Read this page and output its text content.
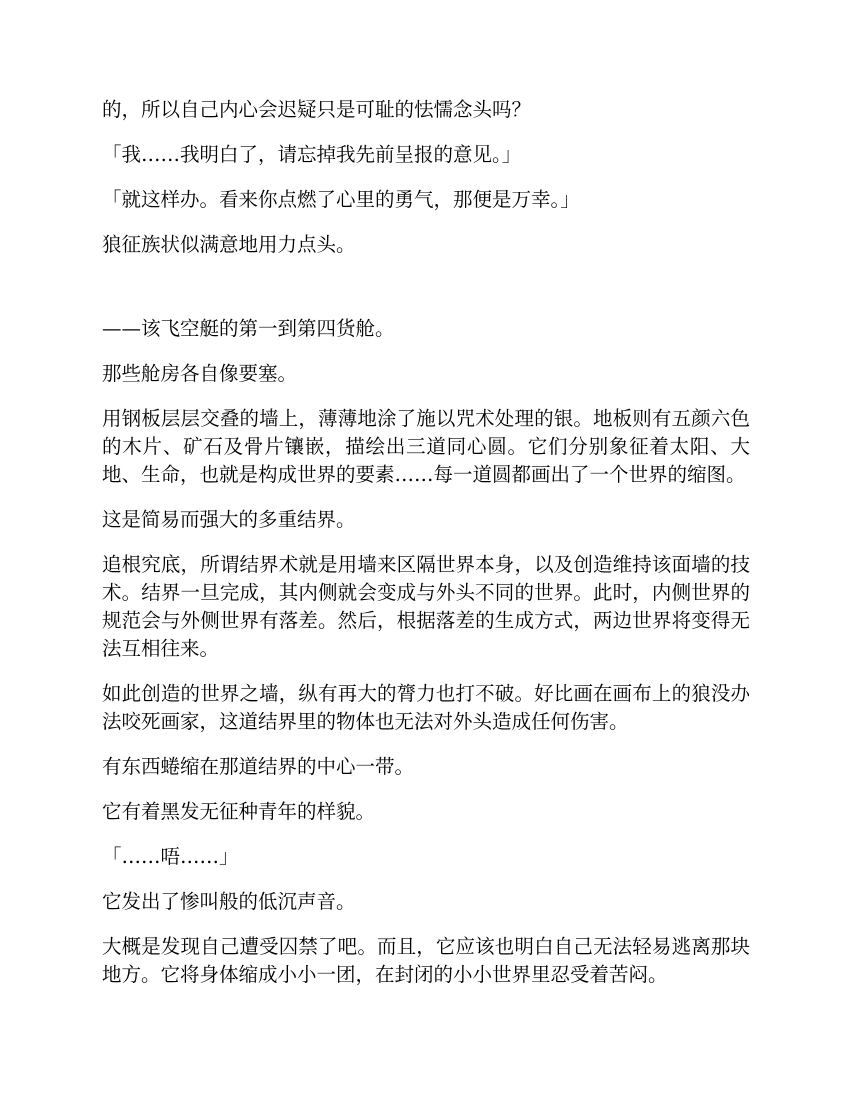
的，所以自己内心会迟疑只是可耻的怯懦念头吗？

「我……我明白了，请忘掉我先前呈报的意见。」

「就这样办。看来你点燃了心里的勇气，那便是万幸。」

狼征族状似满意地用力点头。

——该飞空艇的第一到第四货舱。

那些舱房各自像要塞。

用钢板层层交叠的墙上，薄薄地涂了施以咒术处理的银。地板则有五颜六色的木片、矿石及骨片镶嵌，描绘出三道同心圆。它们分别象征着太阳、大地、生命，也就是构成世界的要素……每一道圆都画出了一个世界的缩图。

这是简易而强大的多重结界。

追根究底，所谓结界术就是用墙来区隔世界本身，以及创造维持该面墙的技术。结界一旦完成，其内侧就会变成与外头不同的世界。此时，内侧世界的规范会与外侧世界有落差。然后，根据落差的生成方式，两边世界将变得无法互相往来。

如此创造的世界之墙，纵有再大的膂力也打不破。好比画在画布上的狼没办法咬死画家，这道结界里的物体也无法对外头造成任何伤害。

有东西蜷缩在那道结界的中心一带。

它有着黑发无征种青年的样貌。

「……唔……」

它发出了惨叫般的低沉声音。

大概是发现自己遭受囚禁了吧。而且，它应该也明白自己无法轻易逃离那块地方。它将身体缩成小小一团，在封闭的小小世界里忍受着苦闷。
